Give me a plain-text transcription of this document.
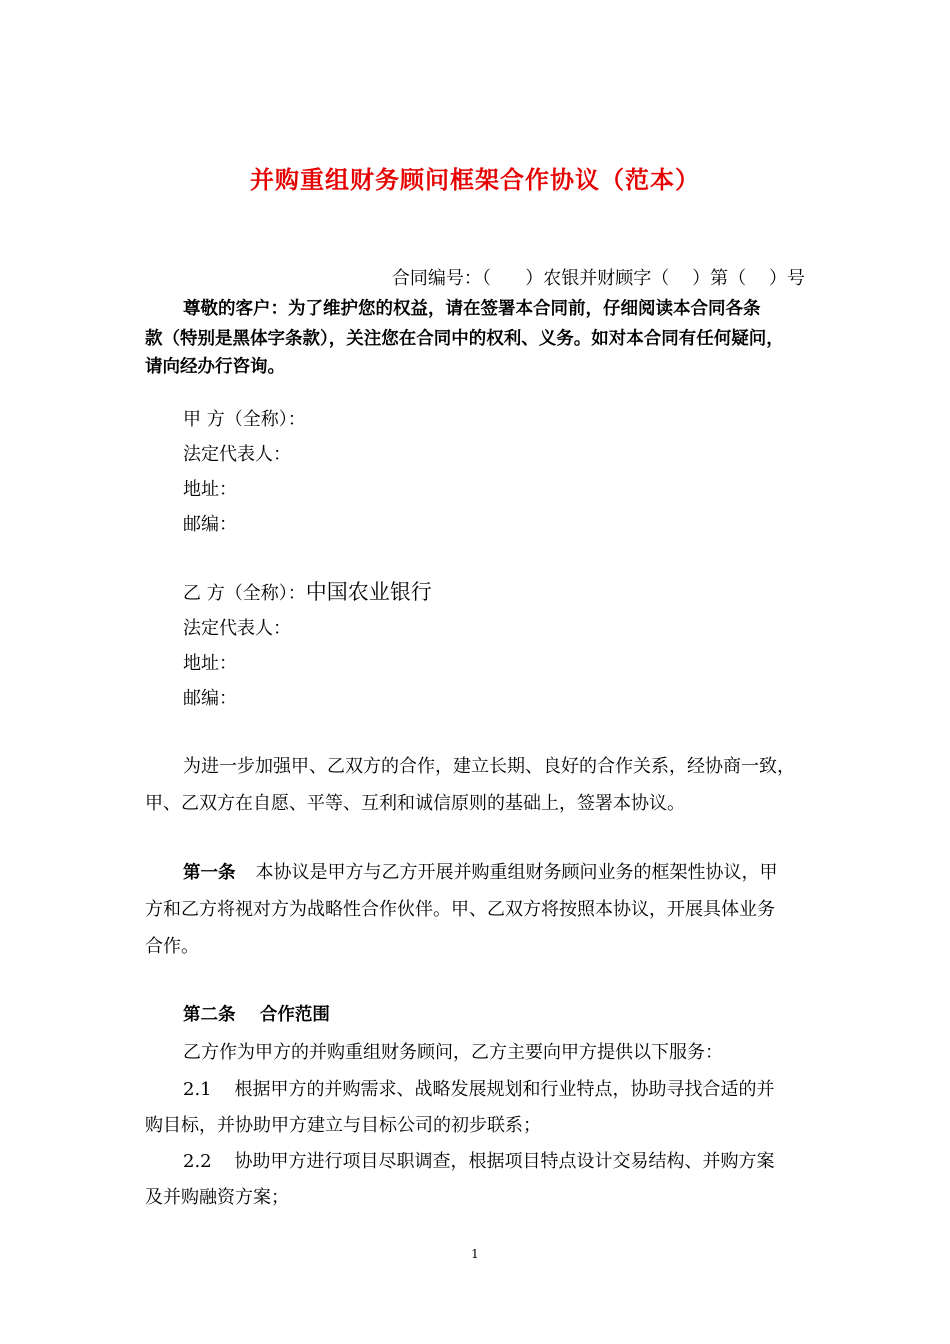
并购重组财务顾问框架合作协议（范本）
合同编号：（      ）农银并财顾字（    ）第（    ）号
尊敬的客户：为了维护您的权益，请在签署本合同前，仔细阅读本合同各条
款（特别是黑体字条款），关注您在合同中的权利、义务。如对本合同有任何疑问，
请向经办行咨询。
甲 方（全称）：
法定代表人：
地址：
邮编：
乙 方（全称）：中国农业银行
法定代表人：
地址：
邮编：
为进一步加强甲、乙双方的合作，建立长期、良好的合作关系，经协商一致，
甲、乙双方在自愿、平等、互利和诚信原则的基础上，签署本协议。
第一条 本协议是甲方与乙方开展并购重组财务顾问业务的框架性协议，甲
方和乙方将视对方为战略性合作伙伴。甲、乙双方将按照本协议，开展具体业务
合作。
第二条    合作范围
乙方作为甲方的并购重组财务顾问，乙方主要向甲方提供以下服务：
2.1    根据甲方的并购需求、战略发展规划和行业特点，协助寻找合适的并
购目标，并协助甲方建立与目标公司的初步联系；
2.2    协助甲方进行项目尽职调查，根据项目特点设计交易结构、并购方案
及并购融资方案；
1
